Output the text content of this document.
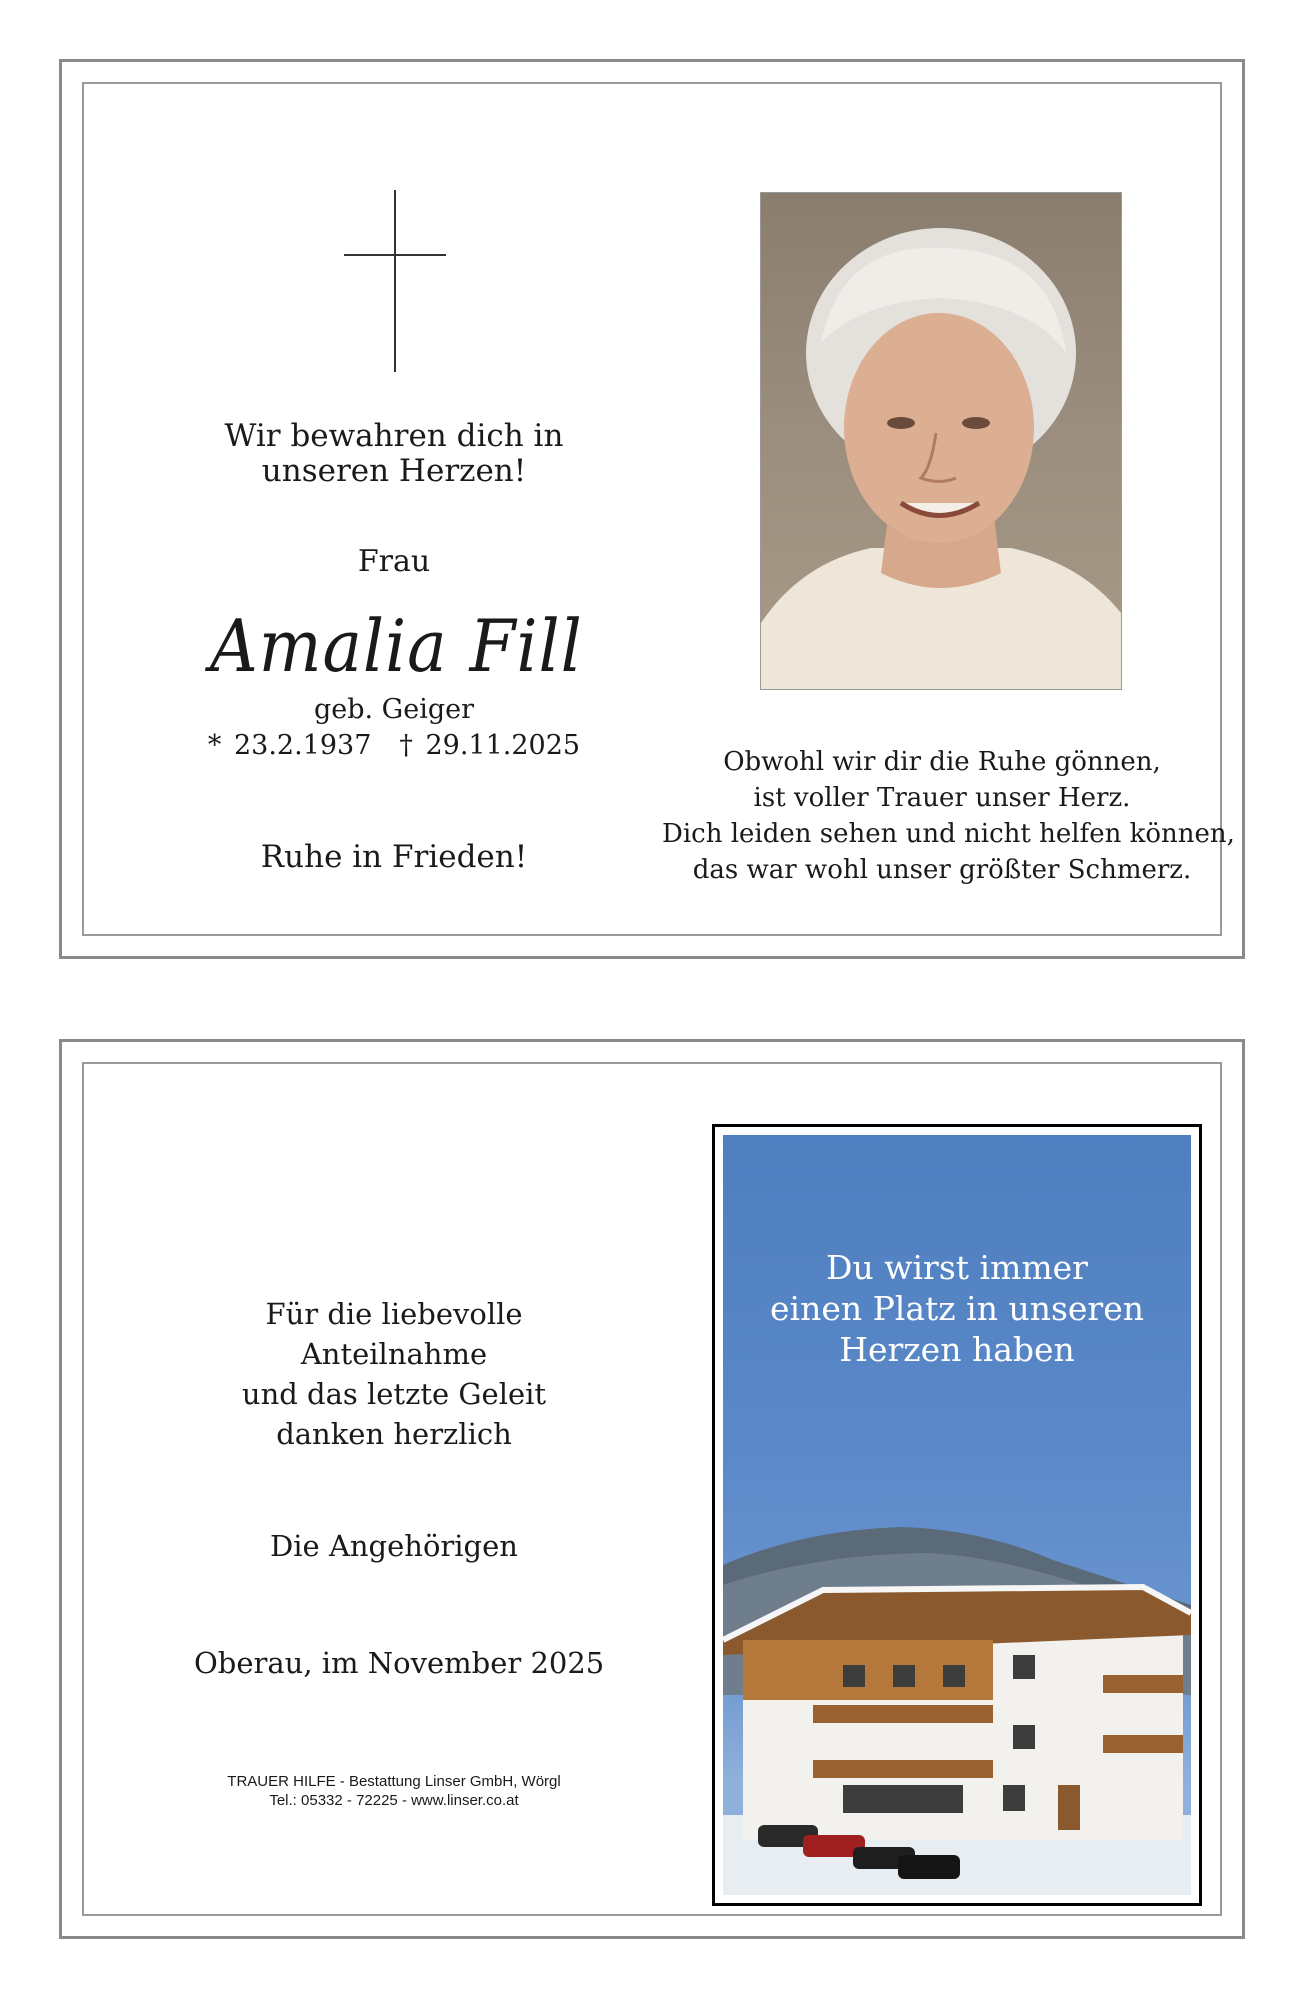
Wir bewahren dich in
unseren Herzen!
Frau
Amalia Fill
geb. Geiger
* 23.2.1937 † 29.11.2025
Ruhe in Frieden!
Obwohl wir dir die Ruhe gönnen,
ist voller Trauer unser Herz.
Dich leiden sehen und nicht helfen können,
das war wohl unser größter Schmerz.
Für die liebevolle
Anteilnahme
und das letzte Geleit
danken herzlich
Die Angehörigen
Oberau, im November 2025
TRAUER HILFE - Bestattung Linser GmbH, Wörgl
Tel.: 05332 - 72225 - www.linser.co.at
Du wirst immer
einen Platz in unseren
Herzen haben
